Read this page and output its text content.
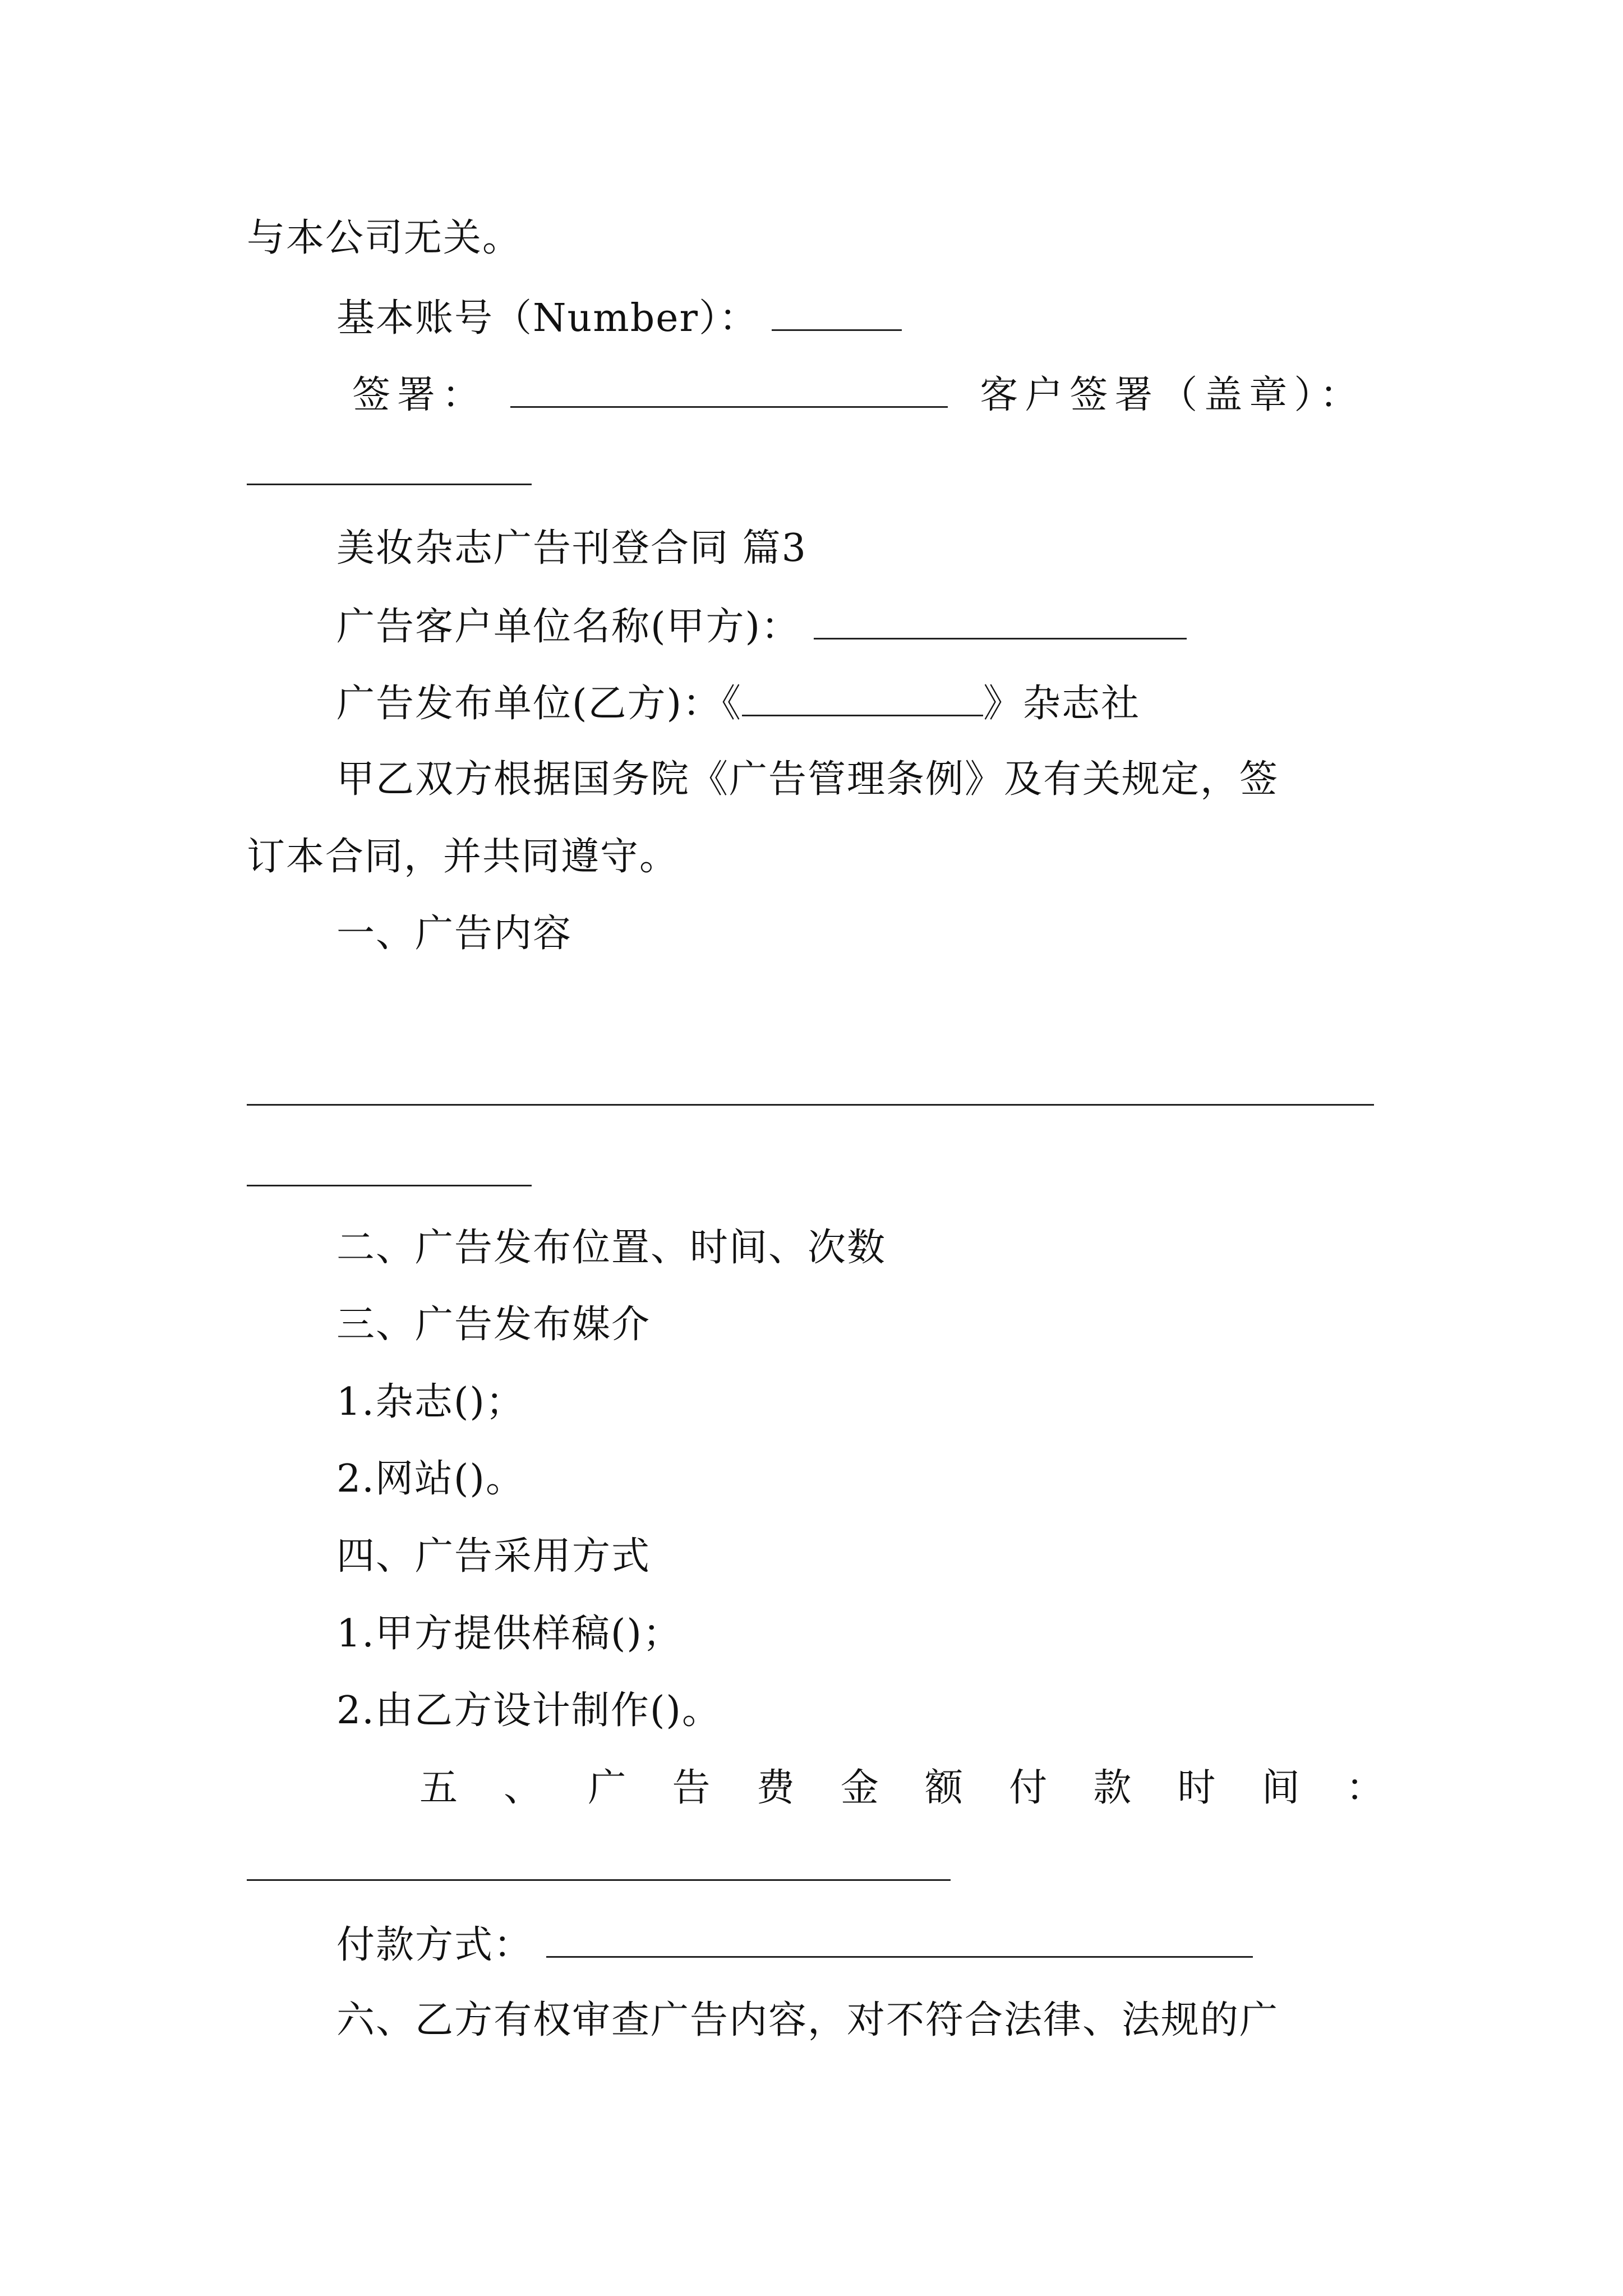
与本公司无关。
基本账号（Number）：
签署：	客户签署（盖章）：
美妆杂志广告刊登合同 篇3
广告客户单位名称(甲方)：
广告发布单位(乙方)：《	》杂志社
甲乙双方根据国务院《广告管理条例》及有关规定，签
订本合同，并共同遵守。
一、广告内容
二、广告发布位置、时间、次数
三、广告发布媒介
1.杂志()；
2.网站()。
四、广告采用方式
1.甲方提供样稿()；
2.由乙方设计制作()。
五 、 广 告 费 金 额 付 款 时 间 ：
付款方式：
六、乙方有权审查广告内容，对不符合法律、法规的广
